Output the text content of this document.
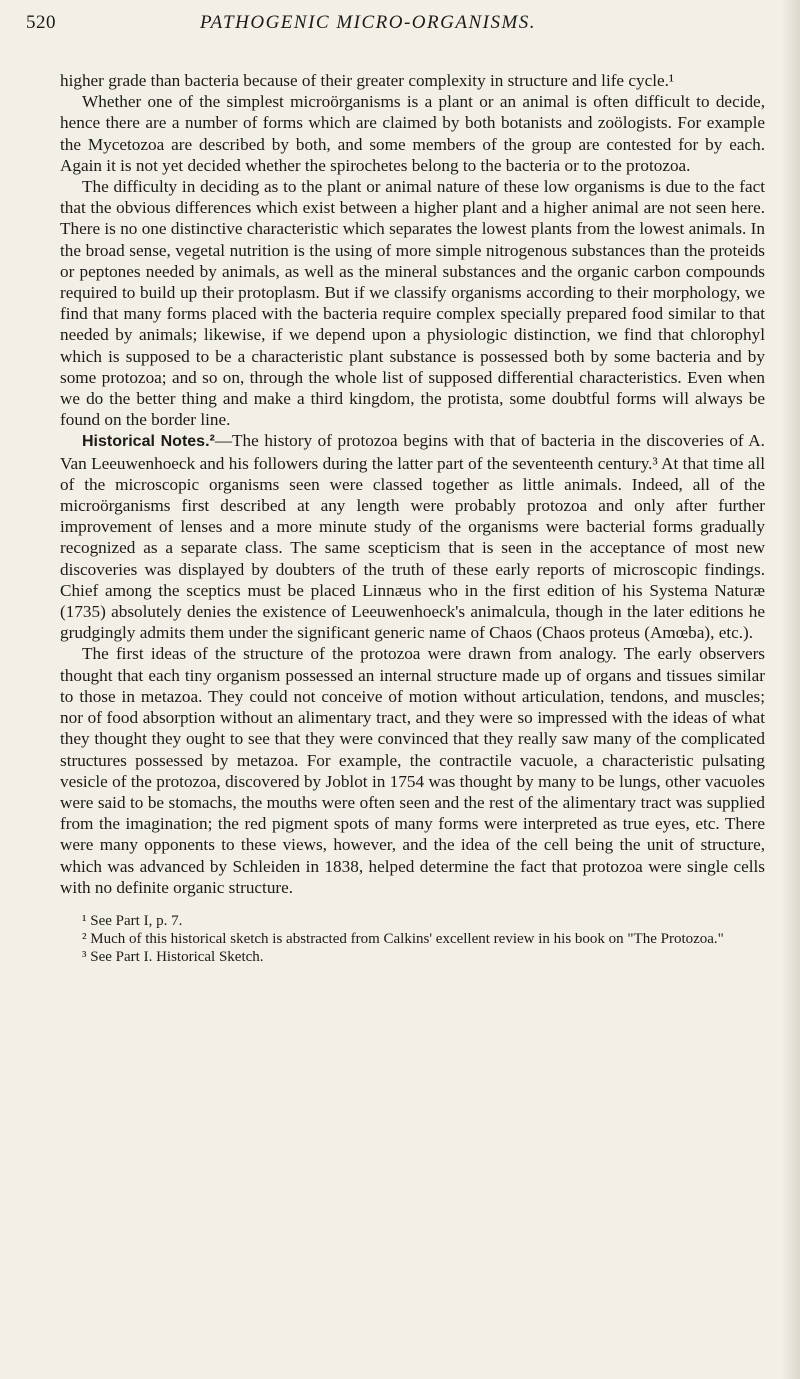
520	PATHOGENIC MICRO-ORGANISMS.

higher grade than bacteria because of their greater complexity in structure and life cycle.¹

Whether one of the simplest microörganisms is a plant or an animal is often difficult to decide, hence there are a number of forms which are claimed by both botanists and zoölogists. For example the Mycetozoa are described by both, and some members of the group are contested for by each. Again it is not yet decided whether the spirochetes belong to the bacteria or to the protozoa.

The difficulty in deciding as to the plant or animal nature of these low organisms is due to the fact that the obvious differences which exist between a higher plant and a higher animal are not seen here. There is no one distinctive characteristic which separates the lowest plants from the lowest animals. In the broad sense, vegetal nutrition is the using of more simple nitrogenous substances than the proteids or peptones needed by animals, as well as the mineral substances and the organic carbon compounds required to build up their protoplasm. But if we classify organisms according to their morphology, we find that many forms placed with the bacteria require complex specially prepared food similar to that needed by animals; likewise, if we depend upon a physiologic distinction, we find that chlorophyl which is supposed to be a characteristic plant substance is possessed both by some bacteria and by some protozoa; and so on, through the whole list of supposed differential characteristics. Even when we do the better thing and make a third kingdom, the protista, some doubtful forms will always be found on the border line.

Historical Notes.²—The history of protozoa begins with that of bacteria in the discoveries of A. Van Leeuwenhoeck and his followers during the latter part of the seventeenth century.³ At that time all of the microscopic organisms seen were classed together as little animals. Indeed, all of the microörganisms first described at any length were probably protozoa and only after further improvement of lenses and a more minute study of the organisms were bacterial forms gradually recognized as a separate class. The same scepticism that is seen in the acceptance of most new discoveries was displayed by doubters of the truth of these early reports of microscopic findings. Chief among the sceptics must be placed Linnæus who in the first edition of his Systema Naturæ (1735) absolutely denies the existence of Leeuwenhoeck's animalcula, though in the later editions he grudgingly admits them under the significant generic name of Chaos (Chaos proteus (Amœba), etc.).

The first ideas of the structure of the protozoa were drawn from analogy. The early observers thought that each tiny organism possessed an internal structure made up of organs and tissues similar to those in metazoa. They could not conceive of motion without articulation, tendons, and muscles; nor of food absorption without an alimentary tract, and they were so impressed with the ideas of what they thought they ought to see that they were convinced that they really saw many of the complicated structures possessed by metazoa. For example, the contractile vacuole, a characteristic pulsating vesicle of the protozoa, discovered by Joblot in 1754 was thought by many to be lungs, other vacuoles were said to be stomachs, the mouths were often seen and the rest of the alimentary tract was supplied from the imagination; the red pigment spots of many forms were interpreted as true eyes, etc. There were many opponents to these views, however, and the idea of the cell being the unit of structure, which was advanced by Schleiden in 1838, helped determine the fact that protozoa were single cells with no definite organic structure.

¹ See Part I, p. 7.

² Much of this historical sketch is abstracted from Calkins' excellent review in his book on "The Protozoa."

³ See Part I. Historical Sketch.
